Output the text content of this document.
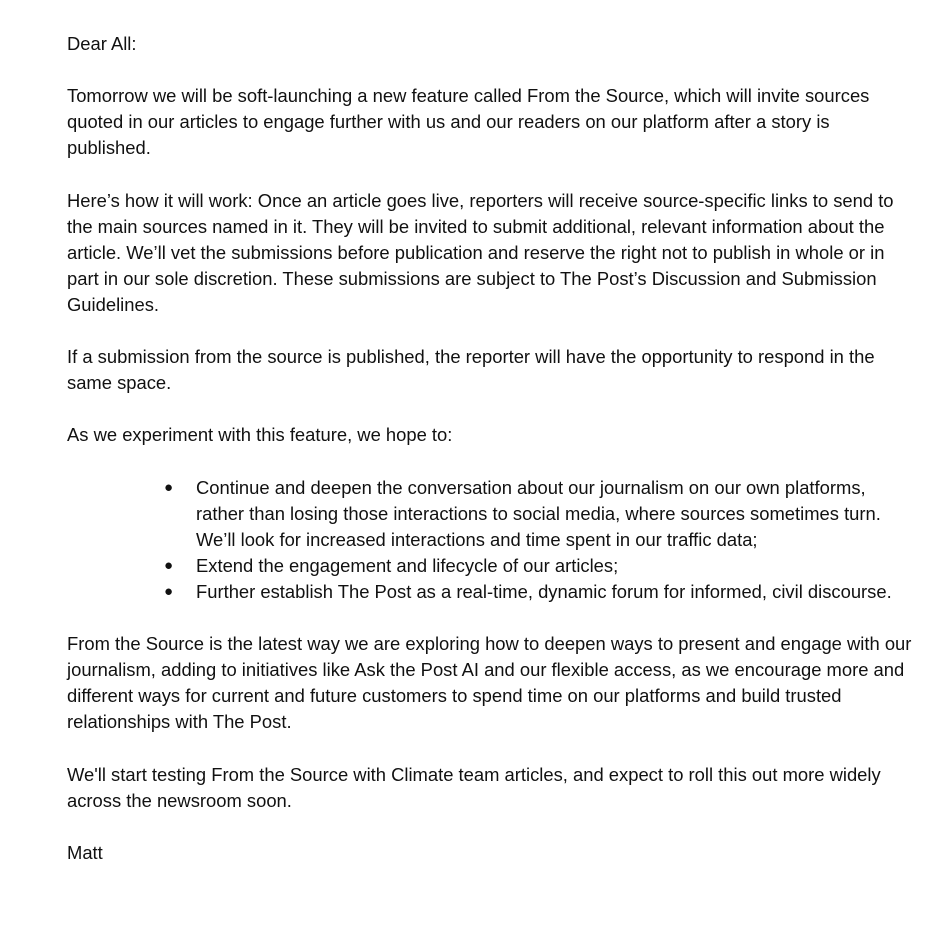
Dear All:

Tomorrow we will be soft-launching a new feature called From the Source, which will invite sources quoted in our articles to engage further with us and our readers on our platform after a story is published.

Here’s how it will work: Once an article goes live, reporters will receive source-specific links to send to the main sources named in it. They will be invited to submit additional, relevant information about the article. We’ll vet the submissions before publication and reserve the right not to publish in whole or in part in our sole discretion. These submissions are subject to The Post’s Discussion and Submission Guidelines.

If a submission from the source is published, the reporter will have the opportunity to respond in the same space.

As we experiment with this feature, we hope to:

● Continue and deepen the conversation about our journalism on our own platforms, rather than losing those interactions to social media, where sources sometimes turn. We’ll look for increased interactions and time spent in our traffic data;
● Extend the engagement and lifecycle of our articles;
● Further establish The Post as a real-time, dynamic forum for informed, civil discourse.

From the Source is the latest way we are exploring how to deepen ways to present and engage with our journalism, adding to initiatives like Ask the Post AI and our flexible access, as we encourage more and different ways for current and future customers to spend time on our platforms and build trusted relationships with The Post.

We'll start testing From the Source with Climate team articles, and expect to roll this out more widely across the newsroom soon.

Matt
